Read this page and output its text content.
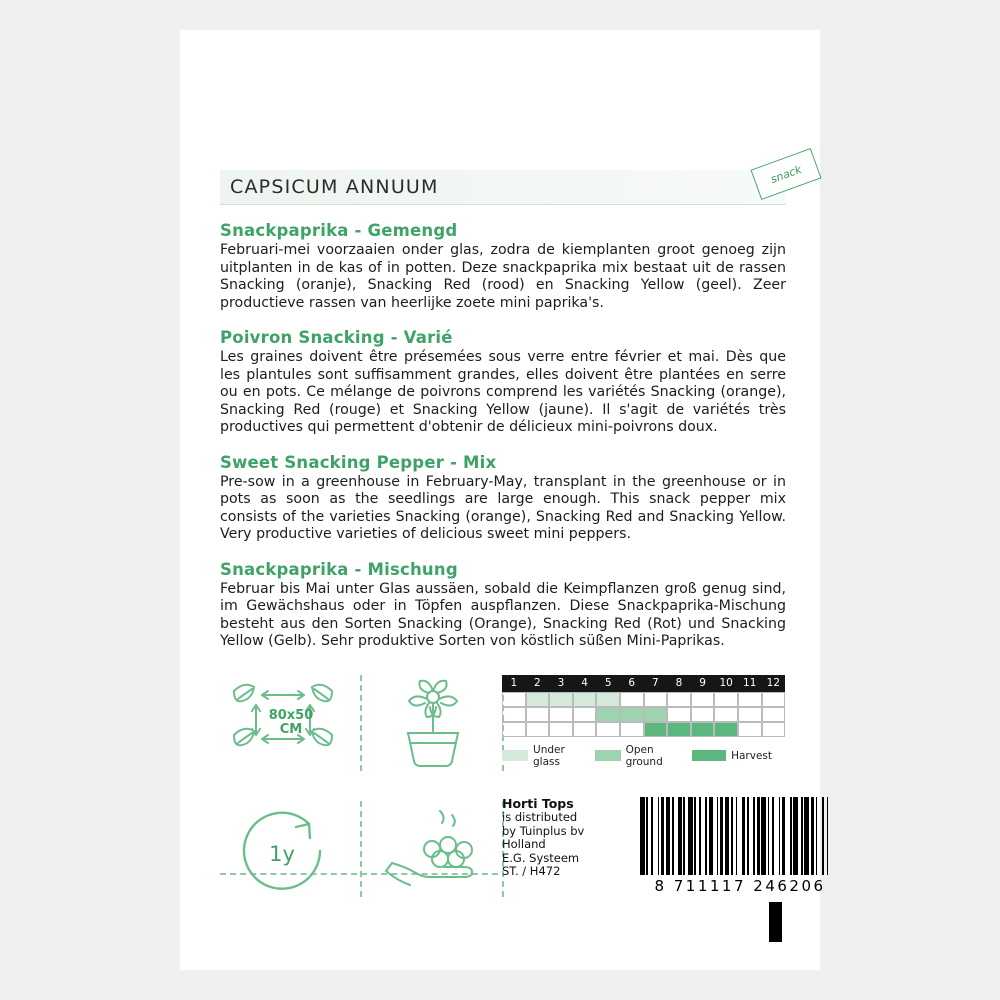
CAPSICUM ANNUUM
snack
Snackpaprika - Gemengd

Februari-mei voorzaaien onder glas, zodra de kiemplanten groot genoeg zijn uitplanten in de kas of in potten. Deze snackpaprika mix bestaat uit de rassen Snacking (oranje), Snacking Red (rood) en Snacking Yellow (geel). Zeer productieve rassen van heerlijke zoete mini paprika's.

Poivron Snacking - Varié

Les graines doivent être présemées sous verre entre février et mai. Dès que les plantules sont suffisamment grandes, elles doivent être plantées en serre ou en pots. Ce mélange de poivrons comprend les variétés Snacking (orange), Snacking Red (rouge) et Snacking Yellow (jaune). Il s'agit de variétés très productives qui permettent d'obtenir de délicieux mini-poivrons doux.

Sweet Snacking Pepper - Mix

Pre-sow in a greenhouse in February-May, transplant in the greenhouse or in pots as soon as the seedlings are large enough. This snack pepper mix consists of the varieties Snacking (orange), Snacking Red and Snacking Yellow. Very productive varieties of delicious sweet mini peppers.

Snackpaprika - Mischung

Februar bis Mai unter Glas aussäen, sobald die Keimpflanzen groß genug sind, im Gewächshaus oder in Töpfen auspflanzen. Diese Snackpaprika-Mischung besteht aus den Sorten Snacking (Orange), Snacking Red (Rot) und Snacking Yellow (Gelb). Sehr produktive Sorten von köstlich süßen Mini-Paprikas.

80x50
CM
1	2	3	4	5	6	7	8	9	10 11 12
Under glass
Open ground	Harvest
1y
Horti Tops
is distributed
by Tuinplus bv
Holland
E.G. Systeem
ST. / H472
8 711117 246206
